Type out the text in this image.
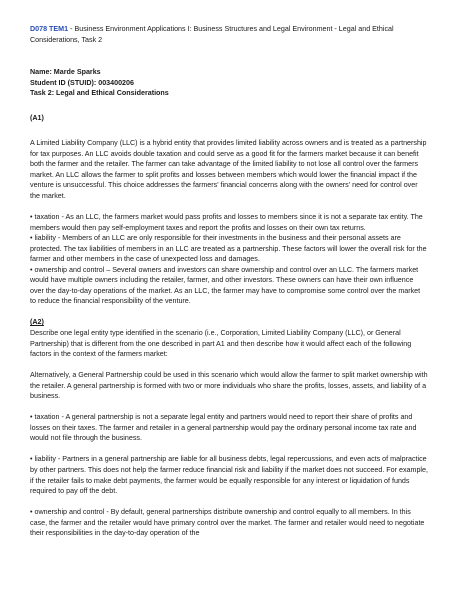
D078 TEM1 - Business Environment Applications I: Business Structures and Legal Environment - Legal and Ethical Considerations, Task 2
Name: Marde Sparks
Student ID (STUID): 003400206
Task 2: Legal and Ethical Considerations
(A1)

A Limited Liability Company (LLC) is a hybrid entity that provides limited liability across owners and is treated as a partnership for tax purposes. An LLC avoids double taxation and could serve as a good fit for the farmers market because it can benefit both the farmer and the retailer. The farmer can take advantage of the limited liability to not lose all control over the farmers market. An LLC allows the farmer to split profits and losses between members which would lower the financial impact if the venture is unsuccessful. This choice addresses the farmers' financial concerns along with the owners' need for control over the market.

• taxation - As an LLC, the farmers market would pass profits and losses to members since it is not a separate tax entity. The members would then pay self-employment taxes and report the profits and losses on their own tax returns.
• liability - Members of an LLC are only responsible for their investments in the business and their personal assets are protected. The tax liabilities of members in an LLC are treated as a partnership. These factors will lower the overall risk for the farmer and other members in the case of unexpected loss and damages.
• ownership and control – Several owners and investors can share ownership and control over an LLC. The farmers market would have multiple owners including the retailer, farmer, and other investors. These owners can have their own influence over the day-to-day operations of the market. As an LLC, the farmer may have to compromise some control over the market to reduce the financial responsibility of the venture.
(A2)

Describe one legal entity type identified in the scenario (i.e., Corporation, Limited Liability Company (LLC), or General Partnership) that is different from the one described in part A1 and then describe how it would affect each of the following factors in the context of the farmers market:

Alternatively, a General Partnership could be used in this scenario which would allow the farmer to split market ownership with the retailer. A general partnership is formed with two or more individuals who share the profits, losses, assets, and liability of a business.

• taxation - A general partnership is not a separate legal entity and partners would need to report their share of profits and losses on their taxes. The farmer and retailer in a general partnership would pay the ordinary personal income tax rate and would not file through the business.
• liability - Partners in a general partnership are liable for all business debts, legal repercussions, and even acts of malpractice by other partners. This does not help the farmer reduce financial risk and liability if the market does not succeed. For example, if the retailer fails to make debt payments, the farmer would be equally responsible for any interest or liquidation of funds required to pay off the debt.
• ownership and control - By default, general partnerships distribute ownership and control equally to all members. In this case, the farmer and the retailer would have primary control over the market. The farmer and retailer would need to negotiate their responsibilities in the day-to-day operation of the
